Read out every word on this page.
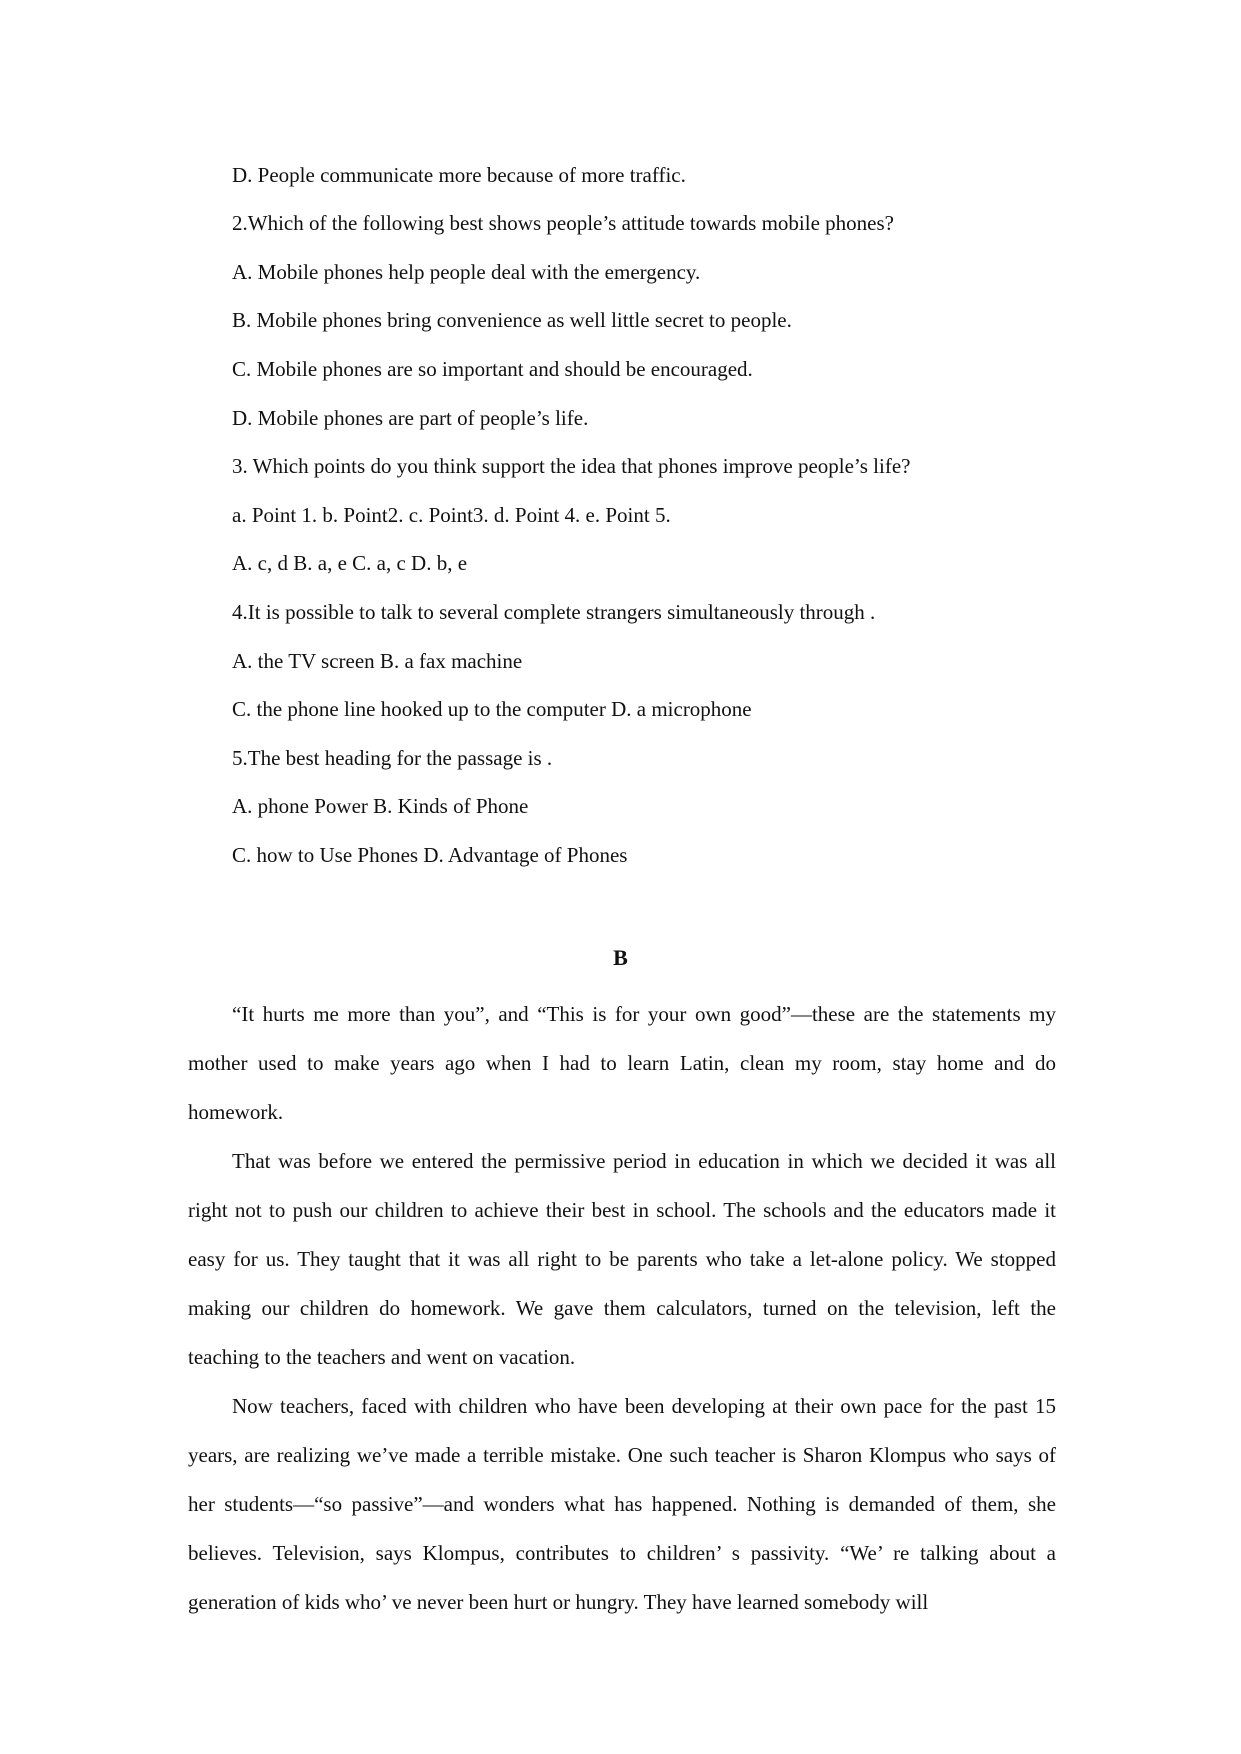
D. People communicate more because of more traffic.

2.Which of the following best shows people’s attitude towards mobile phones?

A. Mobile phones help people deal with the emergency.

B. Mobile phones bring convenience as well little secret to people.

C. Mobile phones are so important and should be encouraged.

D. Mobile phones are part of people’s life.

3. Which points do you think support the idea that phones improve people’s life?

a. Point 1. b. Point2. c. Point3. d. Point 4. e. Point 5.

A. c, d B. a, e C. a, c D. b, e

4.It is possible to talk to several complete strangers simultaneously through .

A. the TV screen B. a fax machine

C. the phone line hooked up to the computer D. a microphone

5.The best heading for the passage is .

A. phone Power B. Kinds of Phone

C. how to Use Phones D. Advantage of Phones

B

“It hurts me more than you”, and “This is for your own good”—these are the statements my mother used to make years ago when I had to learn Latin, clean my room, stay home and do homework.

That was before we entered the permissive period in education in which we decided it was all right not to push our children to achieve their best in school. The schools and the educators made it easy for us. They taught that it was all right to be parents who take a let-alone policy. We stopped making our children do homework. We gave them calculators, turned on the television, left the teaching to the teachers and went on vacation.

Now teachers, faced with children who have been developing at their own pace for the past 15 years, are realizing we’ve made a terrible mistake. One such teacher is Sharon Klompus who says of her students—“so passive”—and wonders what has happened. Nothing is demanded of them, she believes. Television, says Klompus, contributes to children’ s passivity. “We’ re talking about a generation of kids who’ ve never been hurt or hungry. They have learned somebody will
